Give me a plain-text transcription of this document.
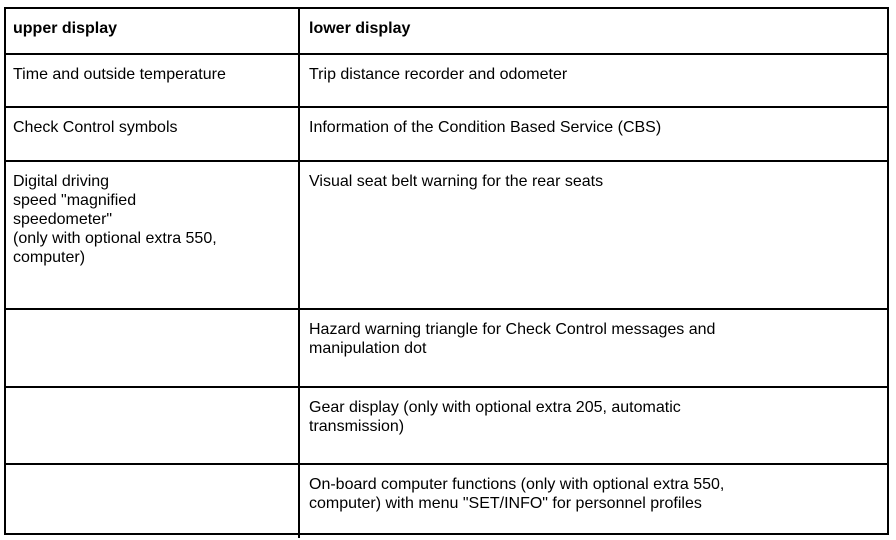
upper display	lower display
Time and outside temperature	Trip distance recorder and odometer
Check Control symbols	Information of the Condition Based Service (CBS)
Digital driving
speed "magnified
speedometer"
(only with optional extra 550,
computer)	Visual seat belt warning for the rear seats
	Hazard warning triangle for Check Control messages and
manipulation dot
	Gear display (only with optional extra 205, automatic
transmission)
	On-board computer functions (only with optional extra 550,
computer) with menu "SET/INFO" for personnel profiles
